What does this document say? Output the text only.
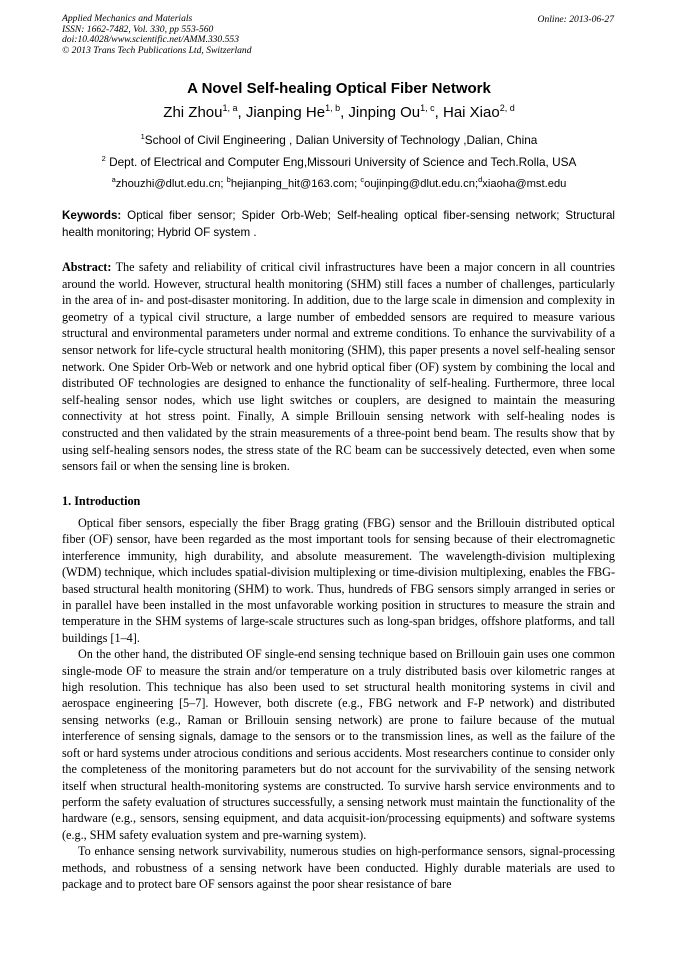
Applied Mechanics and Materials
ISSN: 1662-7482, Vol. 330, pp 553-560
doi:10.4028/www.scientific.net/AMM.330.553
© 2013 Trans Tech Publications Ltd, Switzerland
Online: 2013-06-27
A Novel Self-healing Optical Fiber Network
Zhi Zhou$^{1, a}$, Jianping He$^{1, b}$, Jinping Ou$^{1, c}$, Hai Xiao$^{2, d}$
$^1$School of Civil Engineering , Dalian University of Technology ,Dalian, China
$^2$ Dept. of Electrical and Computer Eng,Missouri University of Science and Tech.Rolla, USA
$^a$zhouzhi@dlut.edu.cn; $^b$hejianping_hit@163.com; $^c$oujinping@dlut.edu.cn;$^d$xiaoha@mst.edu
Keywords: Optical fiber sensor; Spider Orb-Web; Self-healing optical fiber-sensing network; Structural health monitoring; Hybrid OF system .
Abstract: The safety and reliability of critical civil infrastructures have been a major concern in all countries around the world. However, structural health monitoring (SHM) still faces a number of challenges, particularly in the area of in- and post-disaster monitoring. In addition, due to the large scale in dimension and complexity in geometry of a typical civil structure, a large number of embedded sensors are required to measure various structural and environmental parameters under normal and extreme conditions. To enhance the survivability of a sensor network for life-cycle structural health monitoring (SHM), this paper presents a novel self-healing sensor network. One Spider Orb-Web or network and one hybrid optical fiber (OF) system by combining the local and distributed OF technologies are designed to enhance the functionality of self-healing. Furthermore, three local self-healing sensor nodes, which use light switches or couplers, are designed to maintain the measuring connectivity at hot stress point. Finally, A simple Brillouin sensing network with self-healing nodes is constructed and then validated by the strain measurements of a three-point bend beam. The results show that by using self-healing sensors nodes, the stress state of the RC beam can be successively detected, even when some sensors fail or when the sensing line is broken.
1. Introduction

Optical fiber sensors, especially the fiber Bragg grating (FBG) sensor and the Brillouin distributed optical fiber (OF) sensor, have been regarded as the most important tools for sensing because of their electromagnetic interference immunity, high durability, and absolute measurement. The wavelength-division multiplexing (WDM) technique, which includes spatial-division multiplexing or time-division multiplexing, enables the FBG-based structural health monitoring (SHM) to work. Thus, hundreds of FBG sensors simply arranged in series or in parallel have been installed in the most unfavorable working position in structures to measure the strain and temperature in the SHM systems of large-scale structures such as long-span bridges, offshore platforms, and tall buildings [1–4].

On the other hand, the distributed OF single-end sensing technique based on Brillouin gain uses one common single-mode OF to measure the strain and/or temperature on a truly distributed basis over kilometric ranges at high resolution. This technique has also been used to set structural health monitoring systems in civil and aerospace engineering [5–7]. However, both discrete (e.g., FBG network and F-P network) and distributed sensing networks (e.g., Raman or Brillouin sensing network) are prone to failure because of the mutual interference of sensing signals, damage to the sensors or to the transmission lines, as well as the failure of the soft or hard systems under atrocious conditions and serious accidents. Most researchers continue to consider only the completeness of the monitoring parameters but do not account for the survivability of the sensing network itself when structural health-monitoring systems are constructed. To survive harsh service environments and to perform the safety evaluation of structures successfully, a sensing network must maintain the functionality of the hardware (e.g., sensors, sensing equipment, and data acquisit-ion/processing equipments) and software systems (e.g., SHM safety evaluation system and pre-warning system).

To enhance sensing network survivability, numerous studies on high-performance sensors, signal-processing methods, and robustness of a sensing network have been conducted. Highly durable materials are used to package and to protect bare OF sensors against the poor shear resistance of bare
